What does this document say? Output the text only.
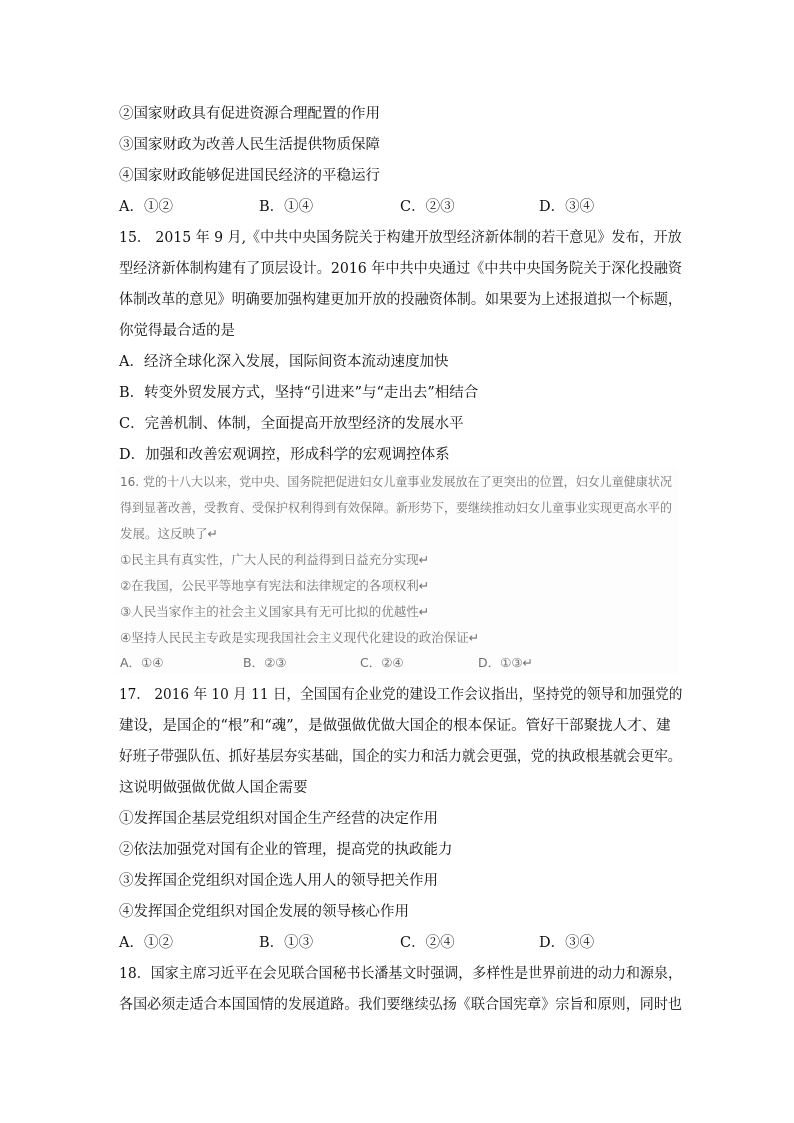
②国家财政具有促进资源合理配置的作用
③国家财政为改善人民生活提供物质保障
④国家财政能够促进国民经济的平稳运行
A．①②	B．①④	C．②③	D．③④
15． 2015 年 9 月,《中共中央国务院关于构建开放型经济新体制的若干意见》发布，开放
型经济新体制构建有了顶层设计。2016 年中共中央通过《中共中央国务院关于深化投融资
体制改革的意见》明确要加强构建更加开放的投融资体制。如果要为上述报道拟一个标题，
你觉得最合适的是
A．经济全球化深入发展，国际间资本流动速度加快
B．转变外贸发展方式，坚持“引进来”与“走出去”相结合
C．完善机制、体制，全面提高开放型经济的发展水平
D．加强和改善宏观调控，形成科学的宏观调控体系
16. 党的十八大以来，党中央、国务院把促进妇女儿童事业发展放在了更突出的位置，妇女儿童健康状况
得到显著改善，受教育、受保护权利得到有效保障。新形势下，要继续推动妇女儿童事业实现更高水平的
发展。这反映了↵
①民主具有真实性，广大人民的利益得到日益充分实现↵
②在我国，公民平等地享有宪法和法律规定的各项权利↵
③人民当家作主的社会主义国家具有无可比拟的优越性↵
④坚持人民民主专政是实现我国社会主义现代化建设的政治保证↵
A．①④	B．②③	C．②④	D．①③↵
17． 2016 年 10 月 11 日，全国国有企业党的建设工作会议指出，坚持党的领导和加强党的
建设，是国企的“根”和“魂”，是做强做优做大国企的根本保证。管好干部聚拢人才、建
好班子带强队伍、抓好基层夯实基础，国企的实力和活力就会更强，党的执政根基就会更牢。
这说明做强做优做人国企需要
①发挥国企基层党组织对国企生产经营的决定作用
②依法加强党对国有企业的管理，提高党的执政能力
③发挥国企党组织对国企选人用人的领导把关作用
④发挥国企党组织对国企发展的领导核心作用
A．①②	B．①③	C．②④	D．③④
18．国家主席习近平在会见联合国秘书长潘基文时强调，多样性是世界前进的动力和源泉，
各国必须走适合本国国情的发展道路。我们要继续弘扬《联合国宪章》宗旨和原则，同时也
